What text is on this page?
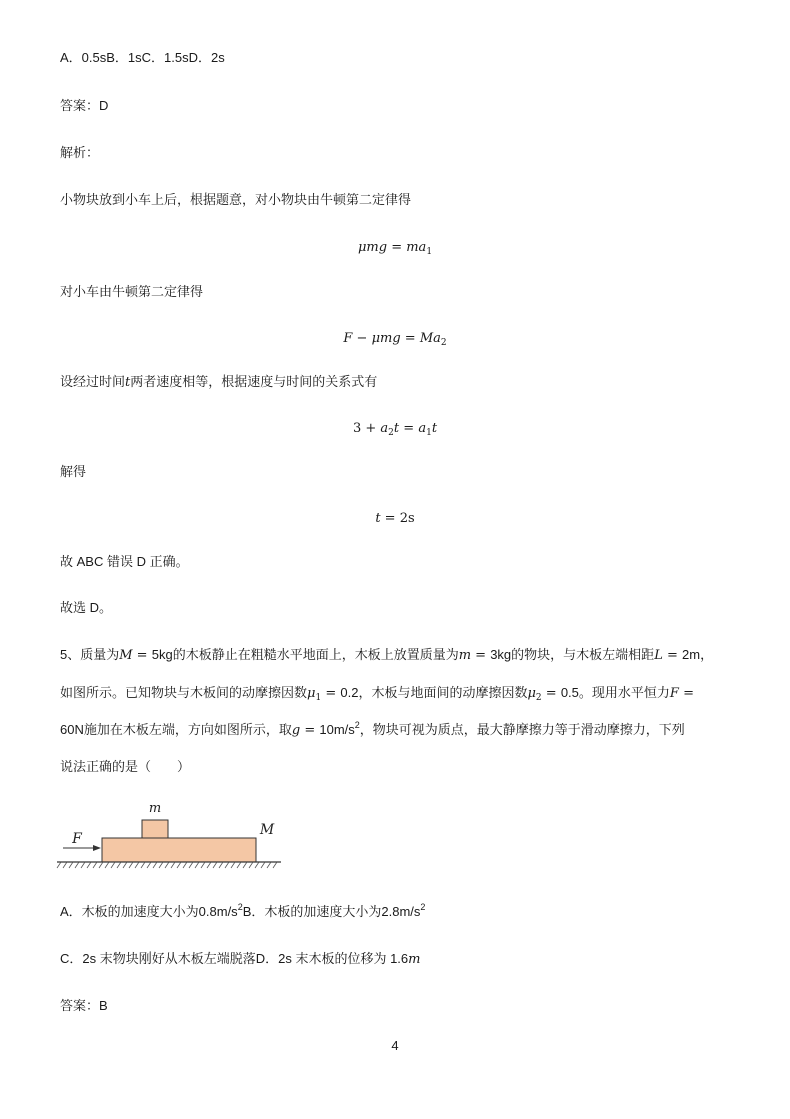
A．0.5sB．1sC．1.5sD．2s
答案：D
解析：
小物块放到小车上后，根据题意，对小物块由牛顿第二定律得
$\mu mg = ma_1$
对小车由牛顿第二定律得
$F - \mu mg = Ma_2$
设经过时间t两者速度相等，根据速度与时间的关系式有
$3 + a_2t = a_1t$
解得
t = 2s
故 ABC 错误 D 正确。
故选 D。
5、质量为M = 5kg的木板静止在粗糙水平地面上，木板上放置质量为m = 3kg的物块，与木板左端相距L = 2m，
如图所示。已知物块与木板间的动摩擦因数$\mu_1 = 0.2$，木板与地面间的动摩擦因数$\mu_2 = 0.5$。现用水平恒力F =
60N施加在木板左端，方向如图所示，取$g = 10m/s^2$，物块可视为质点，最大静摩擦力等于滑动摩擦力，下列
说法正确的是（　　）
m
M
F
A．木板的加速度大小为$0.8m/s^2B$．木板的加速度大小为$2.8m/s^2$
C．2s 末物块刚好从木板左端脱落D．2s 末木板的位移为 1.6m
答案：B
4
